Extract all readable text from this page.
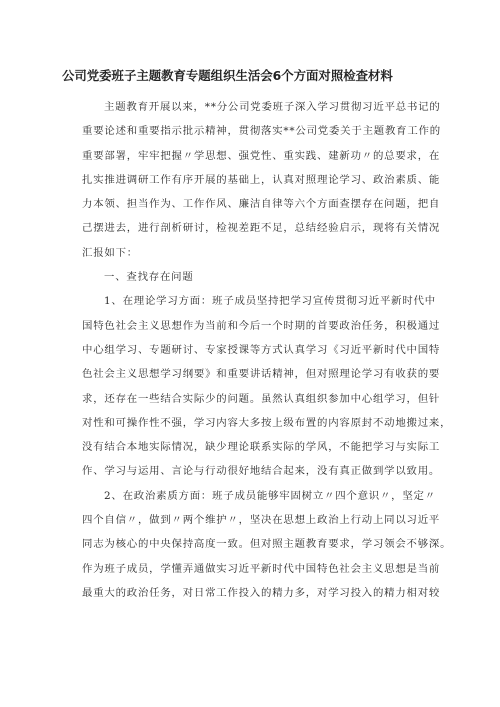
公司党委班子主题教育专题组织生活会6个方面对照检查材料

主题教育开展以来，**分公司党委班子深入学习贯彻习近平总书记的
重要论述和重要指示批示精神，贯彻落实**公司党委关于主题教育工作的
重要部署，牢牢把握〃学思想、强党性、重实践、建新功〃的总要求，在
扎实推进调研工作有序开展的基础上，认真对照理论学习、政治素质、能
力本领、担当作为、工作作风、廉洁自律等六个方面查摆存在问题，把自
己摆进去，进行剖析研讨，检视差距不足，总结经验启示，现将有关情况
汇报如下：

一、查找存在问题

1、在理论学习方面：班子成员坚持把学习宣传贯彻习近平新时代中
国特色社会主义思想作为当前和今后一个时期的首要政治任务，积极通过
中心组学习、专题研讨、专家授课等方式认真学习《习近平新时代中国特
色社会主义思想学习纲要》和重要讲话精神，但对照理论学习有收获的要
求，还存在一些结合实际少的问题。虽然认真组织参加中心组学习，但针
对性和可操作性不强，学习内容大多按上级布置的内容原封不动地搬过来，
没有结合本地实际情况，缺少理论联系实际的学风，不能把学习与实际工
作、学习与运用、言论与行动很好地结合起来，没有真正做到学以致用。

2、在政治素质方面：班子成员能够牢固树立〃四个意识〃，坚定〃
四个自信〃，做到〃两个维护〃，坚决在思想上政治上行动上同以习近平
同志为核心的中央保持高度一致。但对照主题教育要求，学习领会不够深。
作为班子成员，学懂弄通做实习近平新时代中国特色社会主义思想是当前
最重大的政治任务，对日常工作投入的精力多，对学习投入的精力相对较
